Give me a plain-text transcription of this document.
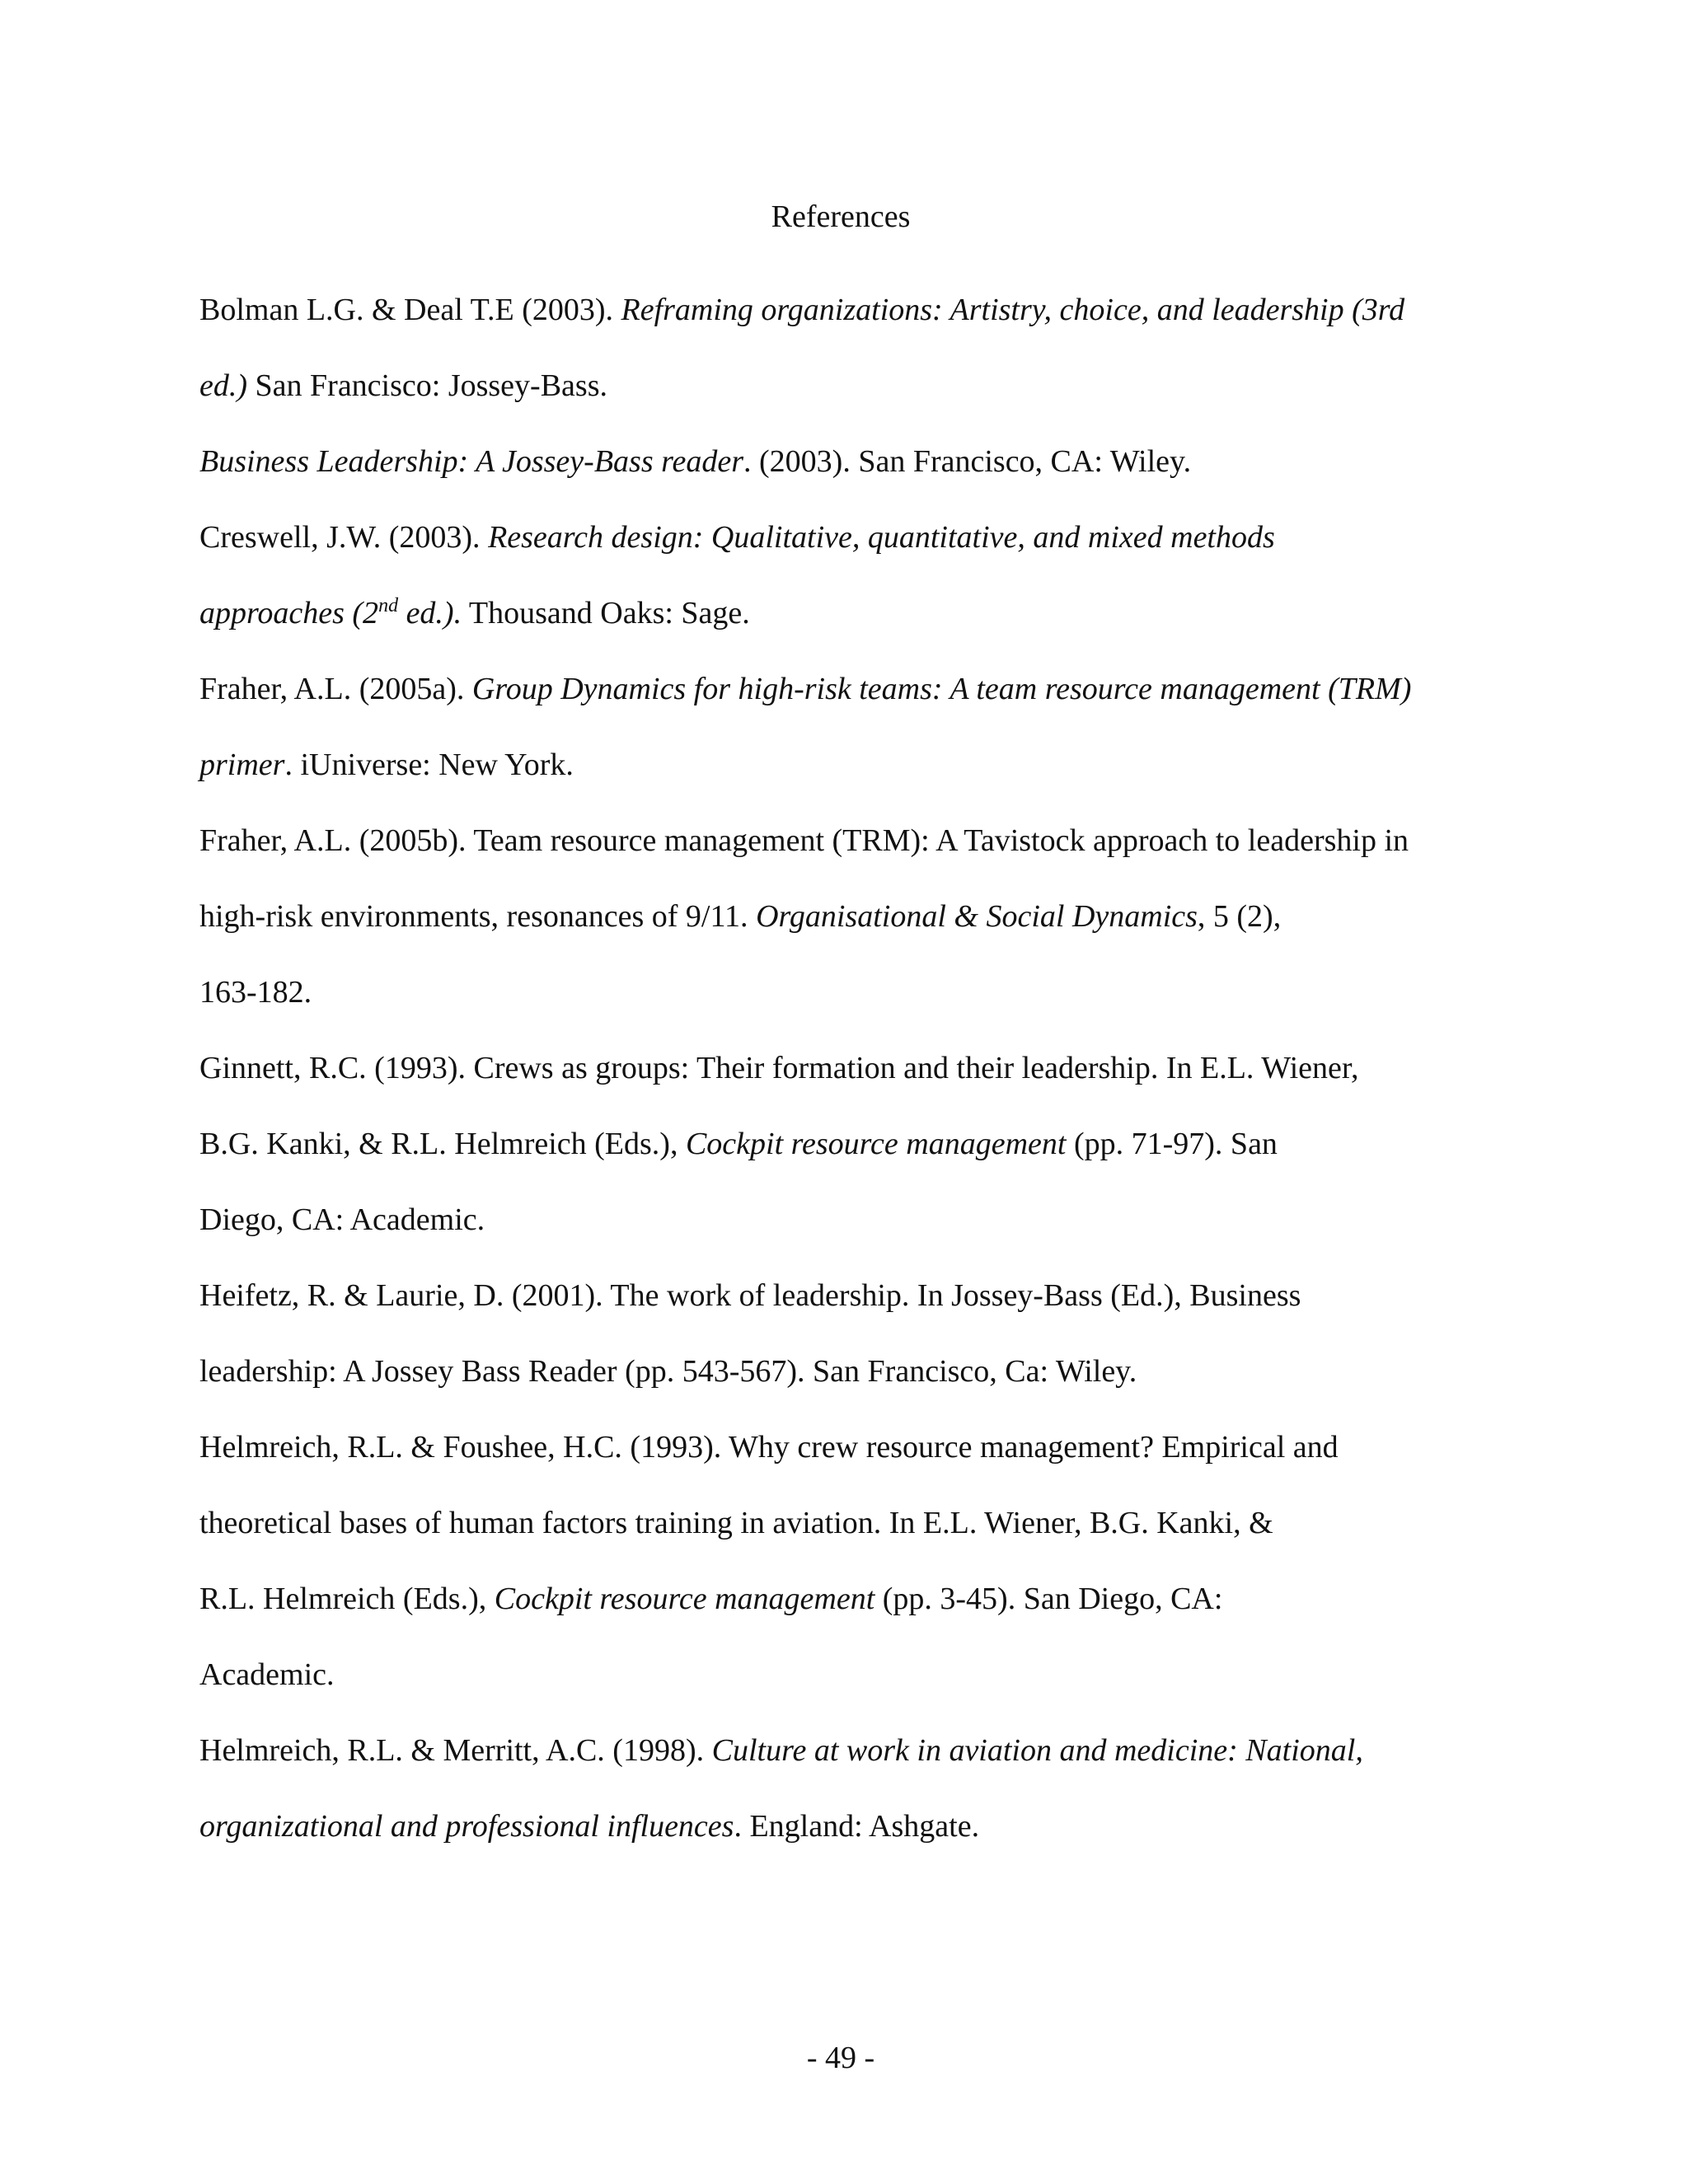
References
Bolman L.G. & Deal T.E (2003). Reframing organizations: Artistry, choice, and leadership (3rd
ed.) San Francisco: Jossey-Bass.
Business Leadership: A Jossey-Bass reader. (2003). San Francisco, CA: Wiley.
Creswell, J.W. (2003). Research design: Qualitative, quantitative, and mixed methods
approaches (2nd ed.). Thousand Oaks: Sage.
Fraher, A.L. (2005a). Group Dynamics for high-risk teams: A team resource management (TRM)
primer. iUniverse: New York.
Fraher, A.L. (2005b). Team resource management (TRM): A Tavistock approach to leadership in
high-risk environments, resonances of 9/11. Organisational & Social Dynamics, 5 (2),
163-182.
Ginnett, R.C. (1993). Crews as groups: Their formation and their leadership. In E.L. Wiener,
B.G. Kanki, & R.L. Helmreich (Eds.), Cockpit resource management (pp. 71-97). San
Diego, CA: Academic.
Heifetz, R. & Laurie, D. (2001). The work of leadership. In Jossey-Bass (Ed.), Business
leadership: A Jossey Bass Reader (pp. 543-567). San Francisco, Ca: Wiley.
Helmreich, R.L. & Foushee, H.C. (1993). Why crew resource management? Empirical and
theoretical bases of human factors training in aviation. In E.L. Wiener, B.G. Kanki, &
R.L. Helmreich (Eds.), Cockpit resource management (pp. 3-45). San Diego, CA:
Academic.
Helmreich, R.L. & Merritt, A.C. (1998). Culture at work in aviation and medicine: National,
organizational and professional influences. England: Ashgate.
- 49 -
